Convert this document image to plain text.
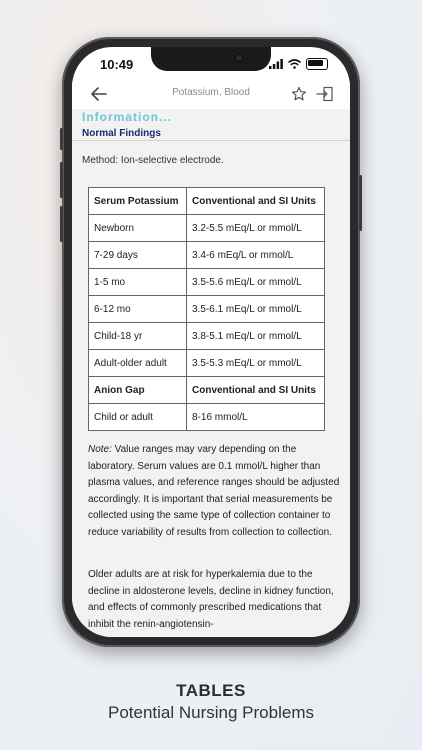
10:49
Potassium, Blood
Information...
Normal Findings
Method: Ion-selective electrode.
Serum Potassium	Conventional and SI Units
Newborn	3.2-5.5 mEq/L or mmol/L
7-29 days	3.4-6 mEq/L or mmol/L
1-5 mo	3.5-5.6 mEq/L or mmol/L
6-12 mo	3.5-6.1 mEq/L or mmol/L
Child-18 yr	3.8-5.1 mEq/L or mmol/L
Adult-older adult	3.5-5.3 mEq/L or mmol/L
Anion Gap	Conventional and SI Units
Child or adult	8-16 mmol/L
Note: Value ranges may vary depending on the laboratory. Serum values are 0.1 mmol/L higher than plasma values, and reference ranges should be adjusted accordingly. It is important that serial measurements be collected using the same type of collection container to reduce variability of results from collection to collection.
Older adults are at risk for hyperkalemia due to the decline in aldosterone levels, decline in kidney function, and effects of commonly prescribed medications that inhibit the renin-angiotensin-
TABLES
Potential Nursing Problems
